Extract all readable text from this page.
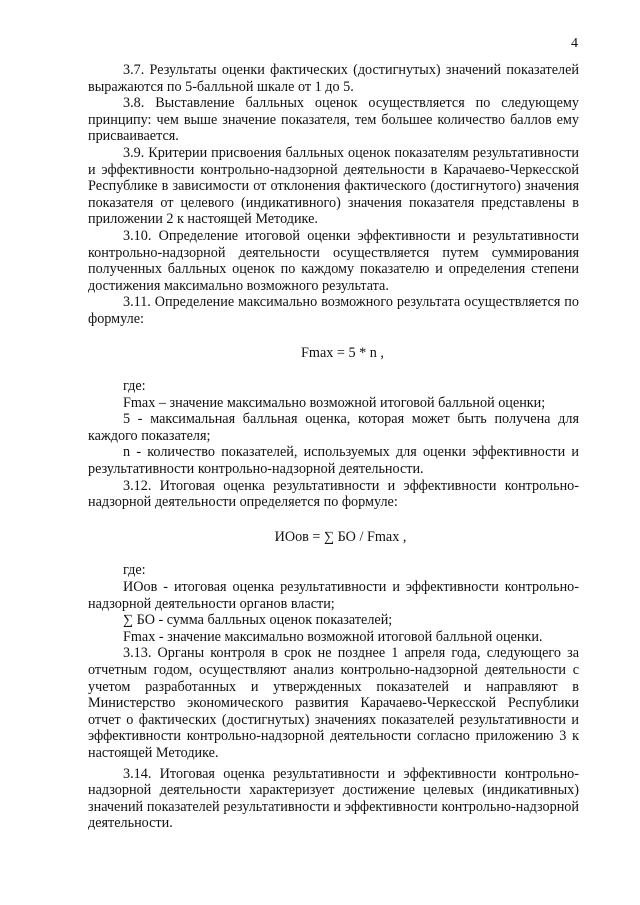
4

3.7. Результаты оценки фактических (достигнутых) значений показателей выражаются по 5-балльной шкале от 1 до 5.

3.8. Выставление балльных оценок осуществляется по следующему принципу: чем выше значение показателя, тем большее количество баллов ему присваивается.

3.9. Критерии присвоения балльных оценок показателям результативности и эффективности контрольно-надзорной деятельности в Карачаево-Черкесской Республике в зависимости от отклонения фактического (достигнутого) значения показателя от целевого (индикативного) значения показателя представлены в приложении 2 к настоящей Методике.

3.10. Определение итоговой оценки эффективности и результативности контрольно-надзорной деятельности осуществляется путем суммирования полученных балльных оценок по каждому показателю и определения степени достижения максимально возможного результата.

3.11. Определение максимально возможного результата осуществляется по формуле:

Fmax = 5 * n ,

где:

Fmax – значение максимально возможной итоговой балльной оценки;

5 - максимальная балльная оценка, которая может быть получена для каждого показателя;

n - количество показателей, используемых для оценки эффективности и результативности контрольно-надзорной деятельности.

3.12. Итоговая оценка результативности и эффективности контрольно-надзорной деятельности определяется по формуле:

ИОов = ∑ БО / Fmax ,

где:

ИОов - итоговая оценка результативности и эффективности контрольно-надзорной деятельности органов власти;

∑ БО - сумма балльных оценок показателей;

Fmax - значение максимально возможной итоговой балльной оценки.

3.13. Органы контроля в срок не позднее 1 апреля года, следующего за отчетным годом, осуществляют анализ контрольно-надзорной деятельности с учетом разработанных и утвержденных показателей и направляют в Министерство экономического развития Карачаево-Черкесской Республики отчет о фактических (достигнутых) значениях показателей результативности и эффективности контрольно-надзорной деятельности согласно приложению 3 к настоящей Методике.

3.14. Итоговая оценка результативности и эффективности контрольно-надзорной деятельности характеризует достижение целевых (индикативных) значений показателей результативности и эффективности контрольно-надзорной деятельности.
